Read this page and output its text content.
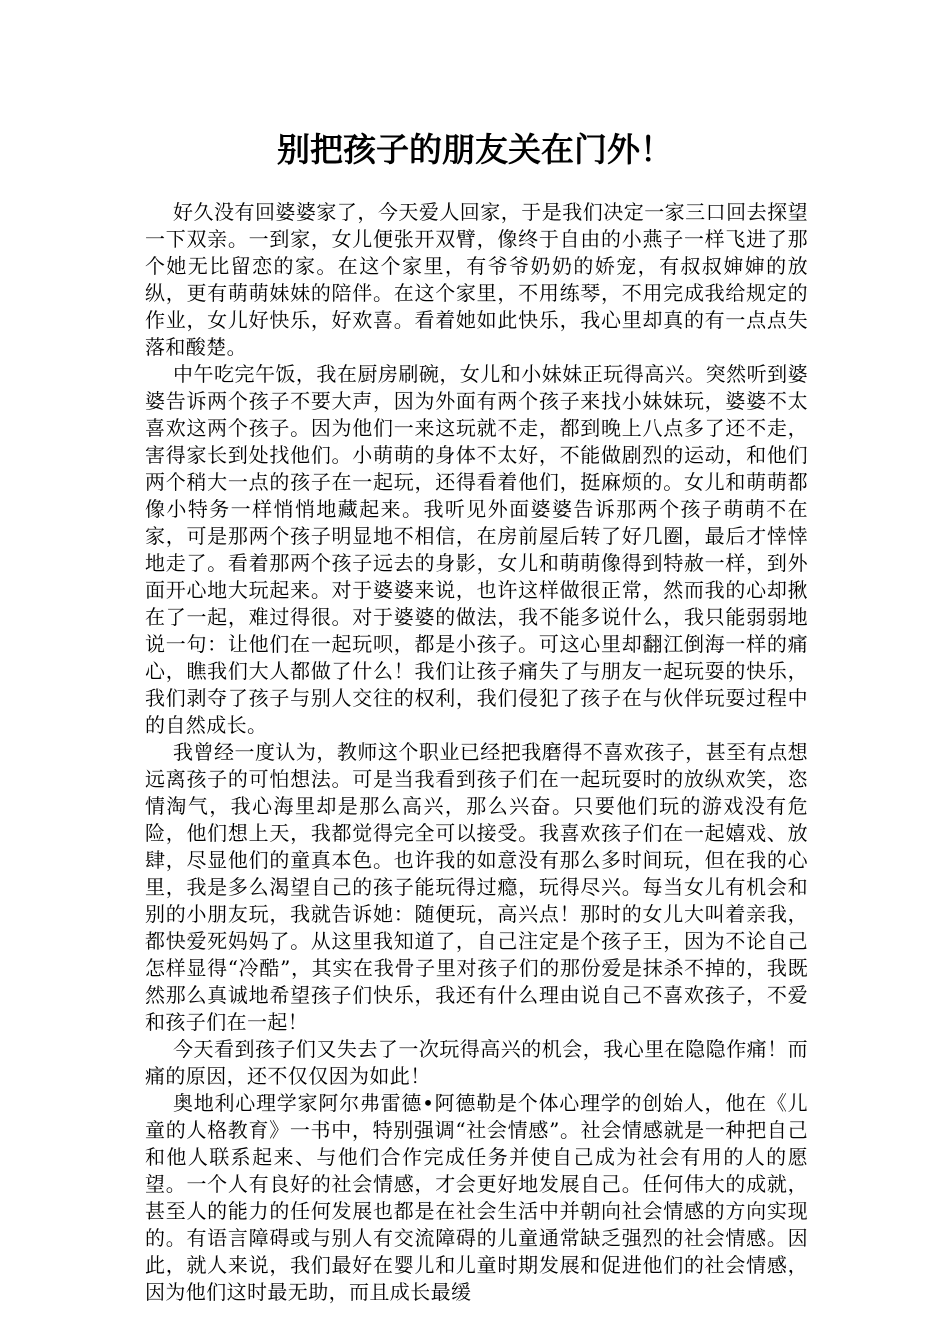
别把孩子的朋友关在门外！

好久没有回婆婆家了，今天爱人回家，于是我们决定一家三口回去探望一下双亲。一到家，女儿便张开双臂，像终于自由的小燕子一样飞进了那个她无比留恋的家。在这个家里，有爷爷奶奶的娇宠，有叔叔婶婶的放纵，更有萌萌妹妹的陪伴。在这个家里，不用练琴，不用完成我给规定的作业，女儿好快乐，好欢喜。看着她如此快乐，我心里却真的有一点点失落和酸楚。

中午吃完午饭，我在厨房刷碗，女儿和小妹妹正玩得高兴。突然听到婆婆告诉两个孩子不要大声，因为外面有两个孩子来找小妹妹玩，婆婆不太喜欢这两个孩子。因为他们一来这玩就不走，都到晚上八点多了还不走，害得家长到处找他们。小萌萌的身体不太好，不能做剧烈的运动，和他们两个稍大一点的孩子在一起玩，还得看着他们，挺麻烦的。女儿和萌萌都像小特务一样悄悄地藏起来。我听见外面婆婆告诉那两个孩子萌萌不在家，可是那两个孩子明显地不相信，在房前屋后转了好几圈，最后才悻悻地走了。看着那两个孩子远去的身影，女儿和萌萌像得到特赦一样，到外面开心地大玩起来。对于婆婆来说，也许这样做很正常，然而我的心却揪在了一起，难过得很。对于婆婆的做法，我不能多说什么，我只能弱弱地说一句：让他们在一起玩呗，都是小孩子。可这心里却翻江倒海一样的痛心，瞧我们大人都做了什么！我们让孩子痛失了与朋友一起玩耍的快乐，我们剥夺了孩子与别人交往的权利，我们侵犯了孩子在与伙伴玩耍过程中的自然成长。

我曾经一度认为，教师这个职业已经把我磨得不喜欢孩子，甚至有点想远离孩子的可怕想法。可是当我看到孩子们在一起玩耍时的放纵欢笑，恣情淘气，我心海里却是那么高兴，那么兴奋。只要他们玩的游戏没有危险，他们想上天，我都觉得完全可以接受。我喜欢孩子们在一起嬉戏、放肆，尽显他们的童真本色。也许我的如意没有那么多时间玩，但在我的心里，我是多么渴望自己的孩子能玩得过瘾，玩得尽兴。每当女儿有机会和别的小朋友玩，我就告诉她：随便玩，高兴点！那时的女儿大叫着亲我，都快爱死妈妈了。从这里我知道了，自己注定是个孩子王，因为不论自己怎样显得“冷酷”，其实在我骨子里对孩子们的那份爱是抹杀不掉的，我既然那么真诚地希望孩子们快乐，我还有什么理由说自己不喜欢孩子，不爱和孩子们在一起！

今天看到孩子们又失去了一次玩得高兴的机会，我心里在隐隐作痛！而痛的原因，还不仅仅因为如此！

奥地利心理学家阿尔弗雷德•阿德勒是个体心理学的创始人，他在《儿童的人格教育》一书中，特别强调“社会情感”。社会情感就是一种把自己和他人联系起来、与他们合作完成任务并使自己成为社会有用的人的愿望。一个人有良好的社会情感，才会更好地发展自己。任何伟大的成就，甚至人的能力的任何发展也都是在社会生活中并朝向社会情感的方向实现的。有语言障碍或与别人有交流障碍的儿童通常缺乏强烈的社会情感。因此，就人来说，我们最好在婴儿和儿童时期发展和促进他们的社会情感，因为他们这时最无助，而且成长最缓
